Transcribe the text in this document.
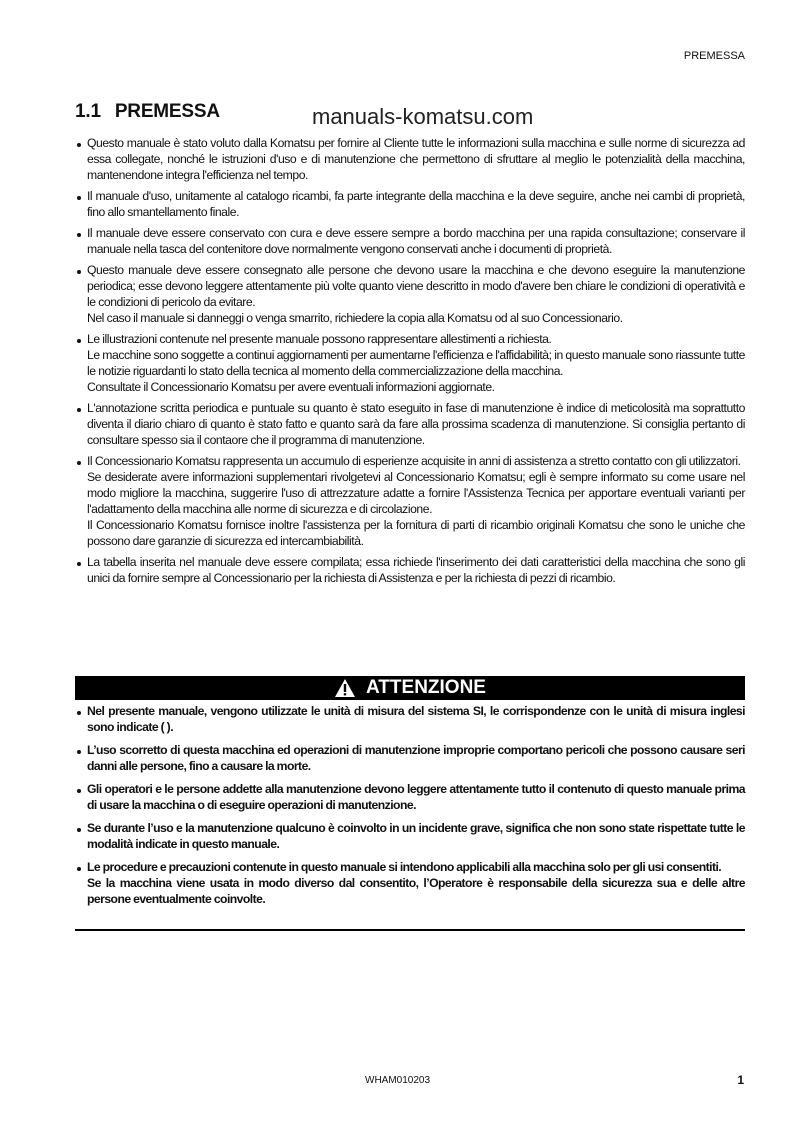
PREMESSA
1.1 PREMESSA	manuals-komatsu.com

Questo manuale è stato voluto dalla Komatsu per fornire al Cliente tutte le informazioni sulla macchina e sulle norme di sicurezza ad essa collegate, nonché le istruzioni d'uso e di manutenzione che permettono di sfruttare al meglio le potenzialità della macchina, mantenendone integra l'efficienza nel tempo.

Il manuale d'uso, unitamente al catalogo ricambi, fa parte integrante della macchina e la deve seguire, anche nei cambi di proprietà, fino allo smantellamento finale.

Il manuale deve essere conservato con cura e deve essere sempre a bordo macchina per una rapida consultazione; conservare il manuale nella tasca del contenitore dove normalmente vengono conservati anche i documenti di proprietà.

Questo manuale deve essere consegnato alle persone che devono usare la macchina e che devono eseguire la manutenzione periodica; esse devono leggere attentamente più volte quanto viene descritto in modo d'avere ben chiare le condizioni di operatività e le condizioni di pericolo da evitare.

Nel caso il manuale si danneggi o venga smarrito, richiedere la copia alla Komatsu od al suo Concessionario.

Le illustrazioni contenute nel presente manuale possono rappresentare allestimenti a richiesta.

Le macchine sono soggette a continui aggiornamenti per aumentarne l'efficienza e l'affidabilità; in questo manuale sono riassunte tutte le notizie riguardanti lo stato della tecnica al momento della commercializzazione della macchina.

Consultate il Concessionario Komatsu per avere eventuali informazioni aggiornate.

L'annotazione scritta periodica e puntuale su quanto è stato eseguito in fase di manutenzione è indice di meticolosità ma soprattutto diventa il diario chiaro di quanto è stato fatto e quanto sarà da fare alla prossima scadenza di manutenzione. Si consiglia pertanto di consultare spesso sia il contaore che il programma di manutenzione.

Il Concessionario Komatsu rappresenta un accumulo di esperienze acquisite in anni di assistenza a stretto contatto con gli utilizzatori.

Se desiderate avere informazioni supplementari rivolgetevi al Concessionario Komatsu; egli è sempre informato su come usare nel modo migliore la macchina, suggerire l'uso di attrezzature adatte a fornire l'Assistenza Tecnica per apportare eventuali varianti per l'adattamento della macchina alle norme di sicurezza e di circolazione.

Il Concessionario Komatsu fornisce inoltre l'assistenza per la fornitura di parti di ricambio originali Komatsu che sono le uniche che possono dare garanzie di sicurezza ed intercambiabilità.

La tabella inserita nel manuale deve essere compilata; essa richiede l'inserimento dei dati caratteristici della macchina che sono gli unici da fornire sempre al Concessionario per la richiesta di Assistenza e per la richiesta di pezzi di ricambio.

ATTENZIONE

Nel presente manuale, vengono utilizzate le unità di misura del sistema SI, le corrispondenze con le unità di misura inglesi sono indicate ( ).

L’uso scorretto di questa macchina ed operazioni di manutenzione improprie comportano pericoli che possono causare seri danni alle persone, fino a causare la morte.

Gli operatori e le persone addette alla manutenzione devono leggere attentamente tutto il contenuto di questo manuale prima di usare la macchina o di eseguire operazioni di manutenzione.

Se durante l’uso e la manutenzione qualcuno è coinvolto in un incidente grave, significa che non sono state rispettate tutte le modalità indicate in questo manuale.

Le procedure e precauzioni contenute in questo manuale si intendono applicabili alla macchina solo per gli usi consentiti.

Se la macchina viene usata in modo diverso dal consentito, l’Operatore è responsabile della sicurezza sua e delle altre persone eventualmente coinvolte.

WHAM010203	1
